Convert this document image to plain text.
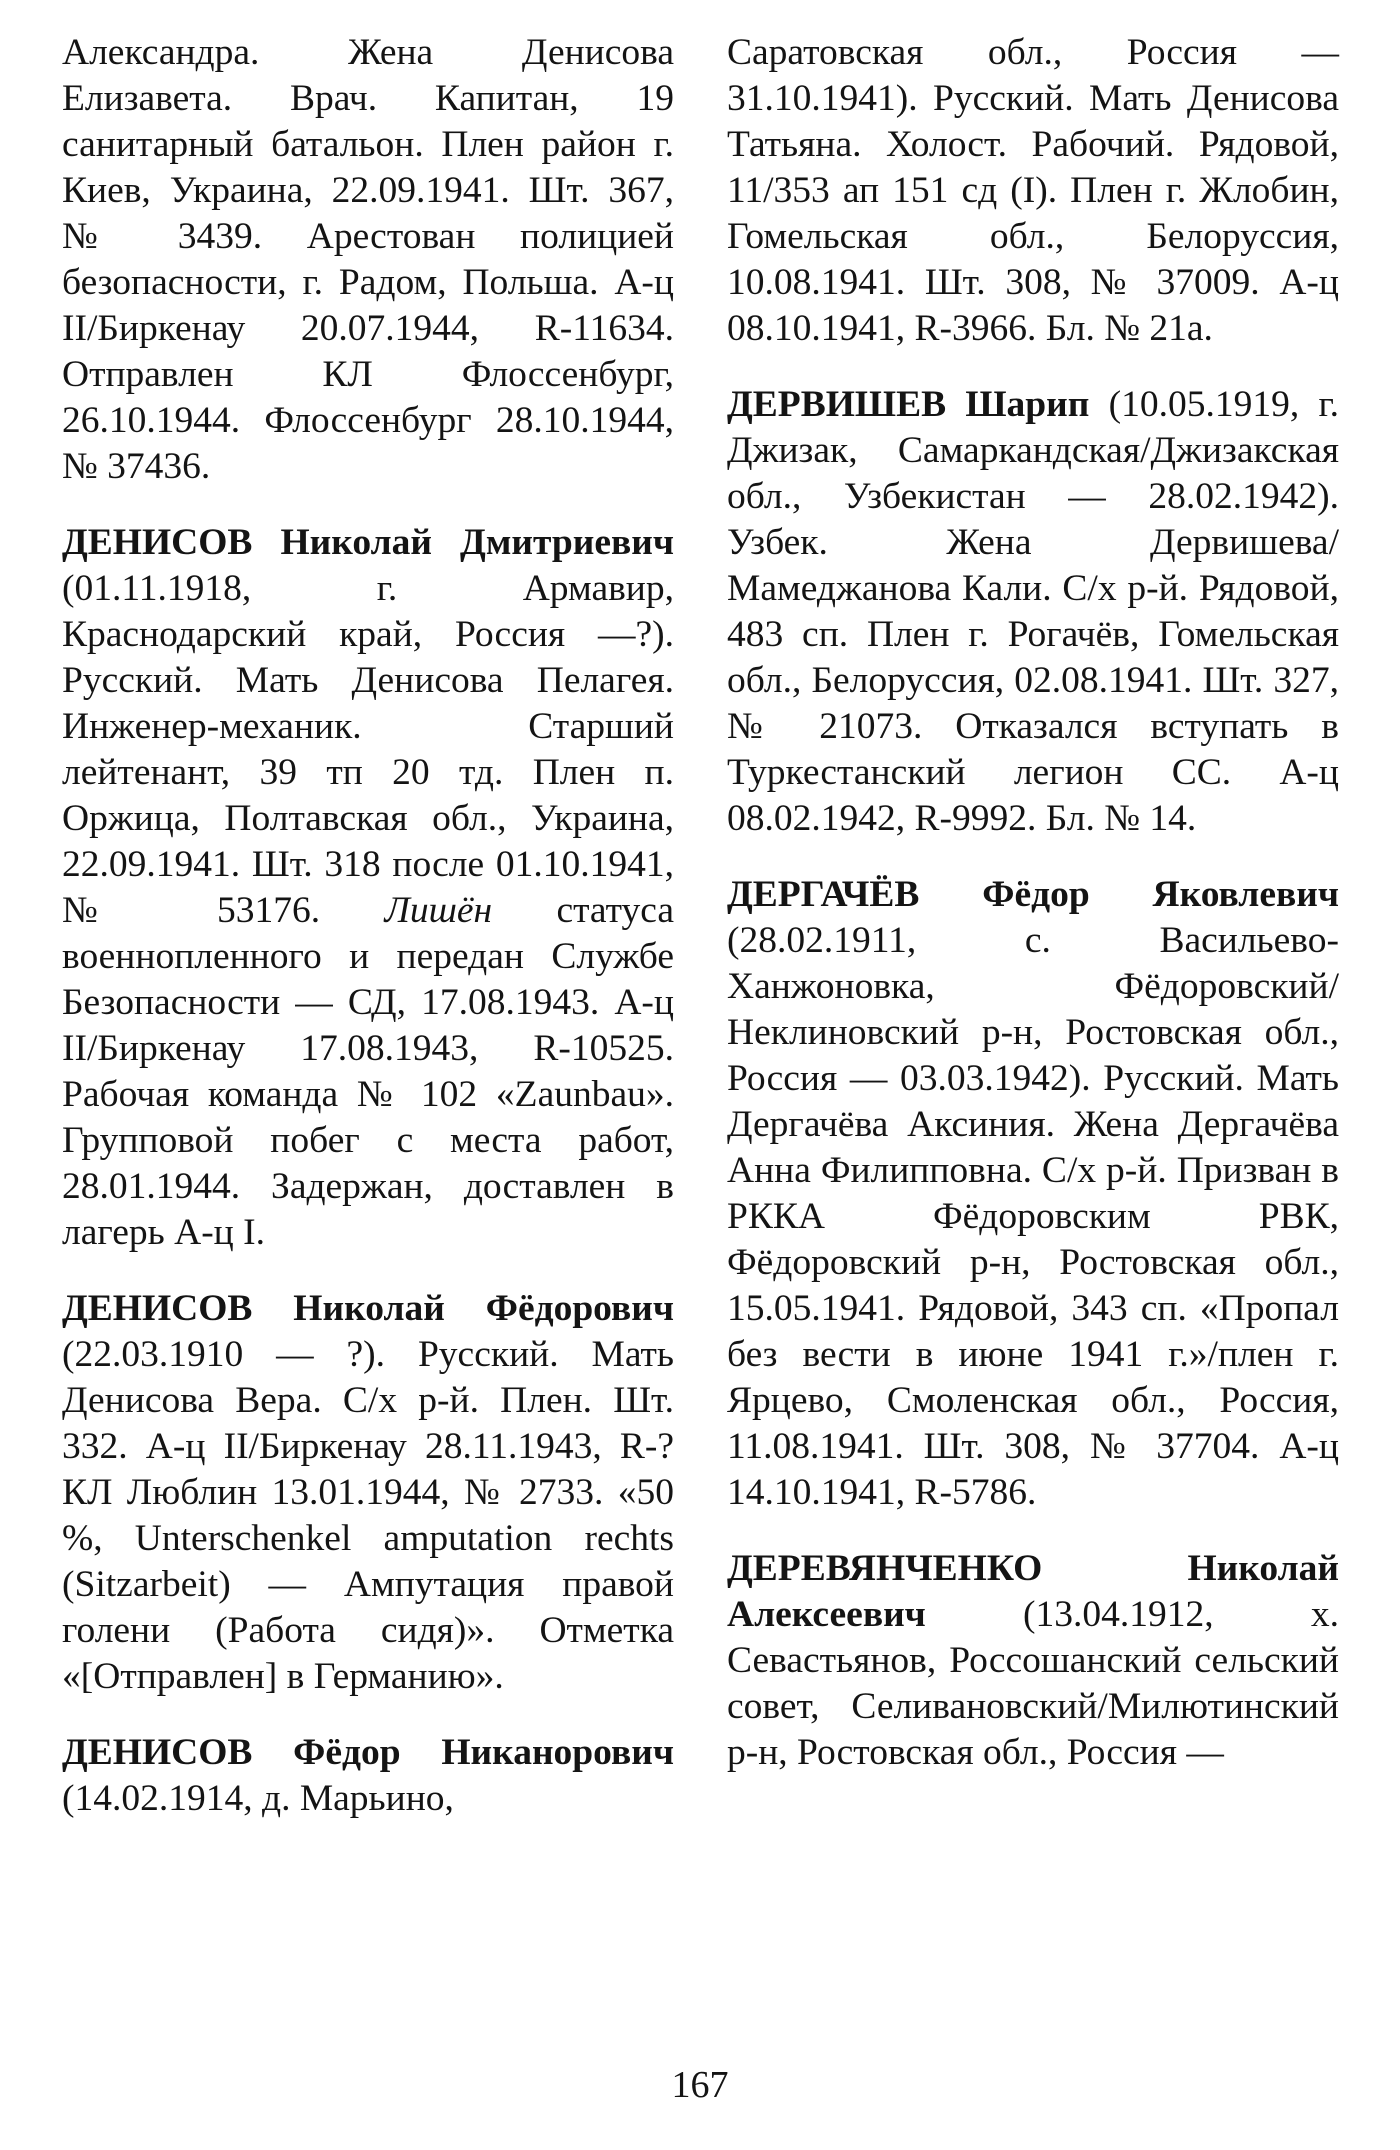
Александра. Жена Денисова Елизавета. Врач. Капитан, 19 санитарный батальон. Плен район г. Киев, Украина, 22.09.1941. Шт. 367, № 3439. Арестован полицией безопасности, г. Радом, Польша. А-ц II/Биркенау 20.07.1944, R-11634. Отправлен КЛ Флоссенбург, 26.10.1944. Флоссенбург 28.10.1944, № 37436.

ДЕНИСОВ Николай Дмитриевич (01.11.1918, г. Армавир, Краснодарский край, Россия —?). Русский. Мать Денисова Пелагея. Инженер-механик. Старший лейтенант, 39 тп 20 тд. Плен п. Оржица, Полтавская обл., Украина, 22.09.1941. Шт. 318 после 01.10.1941, № 53176. Лишён статуса военнопленного и передан Службе Безопасности — СД, 17.08.1943. А-ц II/Биркенау 17.08.1943, R-10525. Рабочая команда № 102 «Zaunbau». Групповой побег с места работ, 28.01.1944. Задержан, доставлен в лагерь А-ц I.

ДЕНИСОВ Николай Фёдорович (22.03.1910 — ?). Русский. Мать Денисова Вера. С/х р-й. Плен. Шт. 332. А-ц II/Биркенау 28.11.1943, R-? КЛ Люблин 13.01.1944, № 2733. «50 %, Unterschenkel amputation rechts (Sitzarbeit) — Ампутация правой голени (Работа сидя)». Отметка «[Отправлен] в Германию».

ДЕНИСОВ Фёдор Никанорович (14.02.1914, д. Марьино,

Саратовская обл., Россия — 31.10.1941). Русский. Мать Денисова Татьяна. Холост. Рабочий. Рядовой, 11/353 ап 151 сд (I). Плен г. Жлобин, Гомельская обл., Белоруссия, 10.08.1941. Шт. 308, № 37009. А-ц 08.10.1941, R-3966. Бл. № 21а.

ДЕРВИШЕВ Шарип (10.05.1919, г. Джизак, Самаркандская/Джизакская обл., Узбекистан — 28.02.1942). Узбек. Жена Дервишева/Мамеджанова Кали. С/х р-й. Рядовой, 483 сп. Плен г. Рогачёв, Гомельская обл., Белоруссия, 02.08.1941. Шт. 327, № 21073. Отказался вступать в Туркестанский легион СС. А-ц 08.02.1942, R-9992. Бл. № 14.

ДЕРГАЧЁВ Фёдор Яковлевич (28.02.1911, с. Васильево-Ханжоновка, Фёдоровский/Неклиновский р-н, Ростовская обл., Россия — 03.03.1942). Русский. Мать Дергачёва Аксиния. Жена Дергачёва Анна Филипповна. С/х р-й. Призван в РККА Фёдоровским РВК, Фёдоровский р-н, Ростовская обл., 15.05.1941. Рядовой, 343 сп. «Пропал без вести в июне 1941 г.»/плен г. Ярцево, Смоленская обл., Россия, 11.08.1941. Шт. 308, № 37704. А-ц 14.10.1941, R-5786.

ДЕРЕВЯНЧЕНКО Николай Алексеевич (13.04.1912, х. Севастьянов, Россошанский сельский совет, Селивановский/Милютинский р-н, Ростовская обл., Россия —

167
